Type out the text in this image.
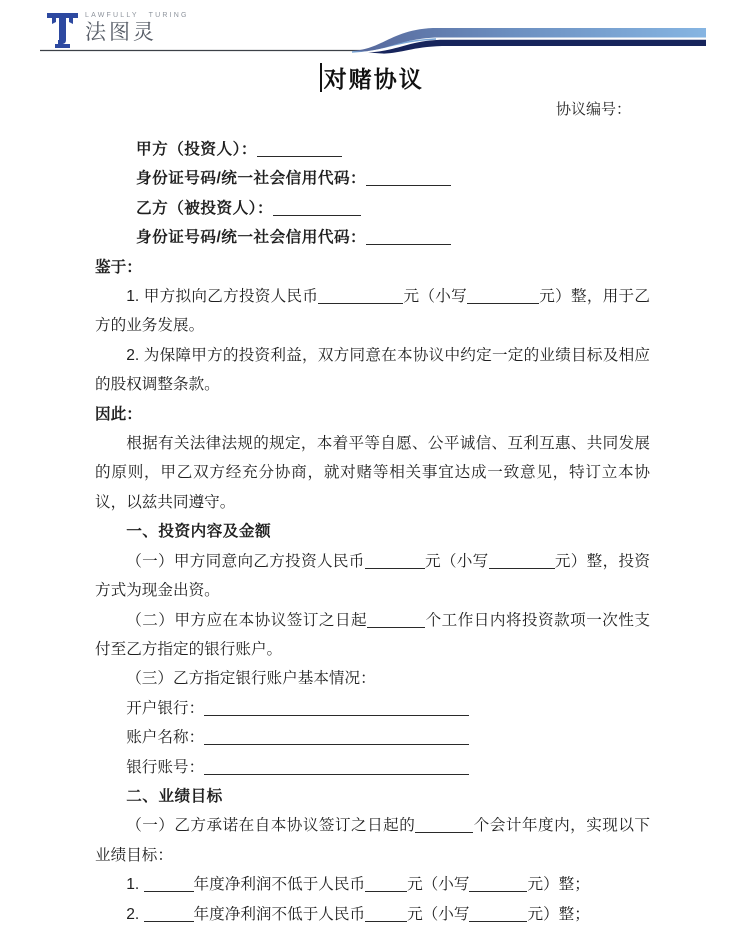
LAWFULLY TURING
法图灵
对赌协议
协议编号：

甲方（投资人）：

身份证号码/统一社会信用代码：

乙方（被投资人）：

身份证号码/统一社会信用代码：

鉴于：

1. 甲方拟向乙方投资人民币	元（小写	元）整，用于乙方的业务发展。

2. 为保障甲方的投资利益，双方同意在本协议中约定一定的业绩目标及相应的股权调整条款。

因此：

根据有关法律法规的规定，本着平等自愿、公平诚信、互利互惠、共同发展的原则，甲乙双方经充分协商，就对赌等相关事宜达成一致意见，特订立本协议，以兹共同遵守。

一、投资内容及金额

（一）甲方同意向乙方投资人民币	元（小写	元）整，投资方式为现金出资。

（二）甲方应在本协议签订之日起	个工作日内将投资款项一次性支付至乙方指定的银行账户。

（三）乙方指定银行账户基本情况：

开户银行：

账户名称：

银行账号：

二、业绩目标

（一）乙方承诺在自本协议签订之日起的	个会计年度内，实现以下业绩目标：

1.	年度净利润不低于人民币	元（小写	元）整；

2.	年度净利润不低于人民币	元（小写	元）整；
